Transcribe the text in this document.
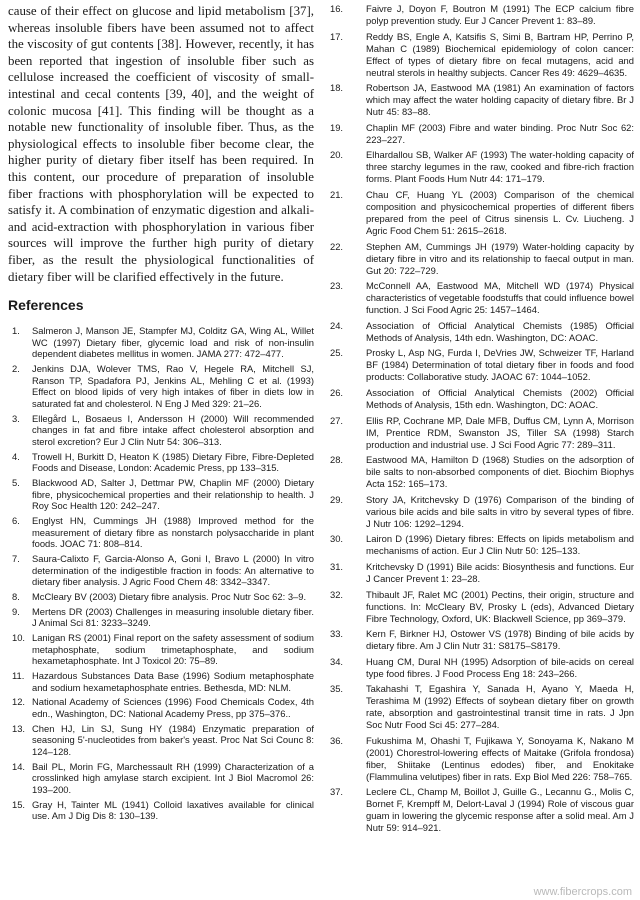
cause of their effect on glucose and lipid metabolism [37], whereas insoluble fibers have been assumed not to affect the viscosity of gut contents [38]. However, recently, it has been reported that ingestion of insoluble fiber such as cellulose increased the coefficient of viscosity of small-intestinal and cecal contents [39, 40], and the weight of colonic mucosa [41]. This finding will be thought as a notable new functionality of insoluble fiber. Thus, as the physiological effects to insoluble fiber become clear, the higher purity of dietary fiber itself has been required. In this content, our procedure of preparation of insoluble fiber fractions with phosphorylation will be expected to satisfy it. A combination of enzymatic digestion and alkali- and acid-extraction with phosphorylation in various fiber sources will improve the further high purity of dietary fiber, as the result the physiological functionalities of dietary fiber will be clarified effectively in the future.

References
1. Salmeron J, Manson JE, Stampfer MJ, Colditz GA, Wing AL, Willet WC (1997) Dietary fiber, glycemic load and risk of non-insulin dependent diabetes mellitus in women. JAMA 277: 472–477.
2. Jenkins DJA, Wolever TMS, Rao V, Hegele RA, Mitchell SJ, Ranson TP, Spadafora PJ, Jenkins AL, Mehling C et al. (1993) Effect on blood lipids of very high intakes of fiber in diets low in saturated fat and cholesterol. N Eng J Med 329: 21–26.
3. Ellegård L, Bosaeus I, Andersson H (2000) Will recommended changes in fat and fibre intake affect cholesterol absorption and sterol excretion? Eur J Clin Nutr 54: 306–313.
4. Trowell H, Burkitt D, Heaton K (1985) Dietary Fibre, Fibre-Depleted Foods and Disease, London: Academic Press, pp 133–315.
5. Blackwood AD, Salter J, Dettmar PW, Chaplin MF (2000) Dietary fibre, physicochemical properties and their relationship to health. J Roy Soc Health 120: 242–247.
6. Englyst HN, Cummings JH (1988) Improved method for the measurement of dietary fibre as nonstarch polysaccharide in plant foods. JOAC 71: 808–814.
7. Saura-Calixto F, Garcia-Alonso A, Goni I, Bravo L (2000) In vitro determination of the indigestible fraction in foods: An alternative to dietary fiber analysis. J Agric Food Chem 48: 3342–3347.
8. McCleary BV (2003) Dietary fibre analysis. Proc Nutr Soc 62: 3–9.
9. Mertens DR (2003) Challenges in measuring insoluble dietary fiber. J Animal Sci 81: 3233–3249.
10. Lanigan RS (2001) Final report on the safety assessment of sodium metaphosphate, sodium trimetaphosphate, and sodium hexametaphosphate. Int J Toxicol 20: 75–89.
11. Hazardous Substances Data Base (1996) Sodium metaphosphate and sodium hexametaphosphate entries. Bethesda, MD: NLM.
12. National Academy of Sciences (1996) Food Chemicals Codex, 4th edn., Washington, DC: National Academy Press, pp 375–376..
13. Chen HJ, Lin SJ, Sung HY (1984) Enzymatic preparation of seasoning 5'-nucleotides from baker's yeast. Proc Nat Sci Counc 8: 124–128.
14. Bail PL, Morin FG, Marchessault RH (1999) Characterization of a crosslinked high amylase starch excipient. Int J Biol Macromol 26: 193–200.
15. Gray H, Tainter ML (1941) Colloid laxatives available for clinical use. Am J Dig Dis 8: 130–139.
16. Faivre J, Doyon F, Boutron M (1991) The ECP calcium fibre polyp prevention study. Eur J Cancer Prevent 1: 83–89.
17. Reddy BS, Engle A, Katsifis S, Simi B, Bartram HP, Perrino P, Mahan C (1989) Biochemical epidemiology of colon cancer: Effect of types of dietary fibre on fecal mutagens, acid and neutral sterols in healthy subjects. Cancer Res 49: 4629–4635.
18. Robertson JA, Eastwood MA (1981) An examination of factors which may affect the water holding capacity of dietary fibre. Br J Nutr 45: 83–88.
19. Chaplin MF (2003) Fibre and water binding. Proc Nutr Soc 62: 223–227.
20. Elhardallou SB, Walker AF (1993) The water-holding capacity of three starchy legumes in the raw, cooked and fibre-rich fraction forms. Plant Foods Hum Nutr 44: 171–179.
21. Chau CF, Huang YL (2003) Comparison of the chemical composition and physicochemical properties of different fibers prepared from the peel of Citrus sinensis L. Cv. Liucheng. J Agric Food Chem 51: 2615–2618.
22. Stephen AM, Cummings JH (1979) Water-holding capacity by dietary fibre in vitro and its relationship to faecal output in man. Gut 20: 722–729.
23. McConnell AA, Eastwood MA, Mitchell WD (1974) Physical characteristics of vegetable foodstuffs that could influence bowel function. J Sci Food Agric 25: 1457–1464.
24. Association of Official Analytical Chemists (1985) Official Methods of Analysis, 14th edn. Washington, DC: AOAC.
25. Prosky L, Asp NG, Furda I, DeVries JW, Schweizer TF, Harland BF (1984) Determination of total dietary fiber in foods and food products: Collaborative study. JAOAC 67: 1044–1052.
26. Association of Official Analytical Chemists (2002) Official Methods of Analysis, 15th edn. Washington, DC: AOAC.
27. Ellis RP, Cochrane MP, Dale MFB, Duffus CM, Lynn A, Morrison IM, Prentice RDM, Swanston JS, Tiller SA (1998) Starch production and industrial use. J Sci Food Agric 77: 289–311.
28. Eastwood MA, Hamilton D (1968) Studies on the adsorption of bile salts to non-absorbed components of diet. Biochim Biophys Acta 152: 165–173.
29. Story JA, Kritchevsky D (1976) Comparison of the binding of various bile acids and bile salts in vitro by several types of fibre. J Nutr 106: 1292–1294.
30. Lairon D (1996) Dietary fibres: Effects on lipids metabolism and mechanisms of action. Eur J Clin Nutr 50: 125–133.
31. Kritchevsky D (1991) Bile acids: Biosynthesis and functions. Eur J Cancer Prevent 1: 23–28.
32. Thibault JF, Ralet MC (2001) Pectins, their origin, structure and functions. In: McCleary BV, Prosky L (eds), Advanced Dietary Fibre Technology, Oxford, UK: Blackwell Science, pp 369–379.
33. Kern F, Birkner HJ, Ostower VS (1978) Binding of bile acids by dietary fibre. Am J Clin Nutr 31: S8175–S8179.
34. Huang CM, Dural NH (1995) Adsorption of bile-acids on cereal type food fibres. J Food Process Eng 18: 243–266.
35. Takahashi T, Egashira Y, Sanada H, Ayano Y, Maeda H, Terashima M (1992) Effects of soybean dietary fiber on growth rate, absorption and gastrointestinal transit time in rats. J Jpn Soc Nutr Food Sci 45: 277–284.
36. Fukushima M, Ohashi T, Fujikawa Y, Sonoyama K, Nakano M (2001) Chorestrol-lowering effects of Maitake (Grifola frondosa) fiber, Shiitake (Lentinus edodes) fiber, and Enokitake (Flammulina velutipes) fiber in rats. Exp Biol Med 226: 758–765.
37. Leclere CL, Champ M, Boillot J, Guille G., Lecannu G., Molis C, Bornet F, Krempff M, Delort-Laval J (1994) Role of viscous guar guam in lowering the glycemic response after a solid meal. Am J Nutr 59: 914–921.
www.fibercrops.com
